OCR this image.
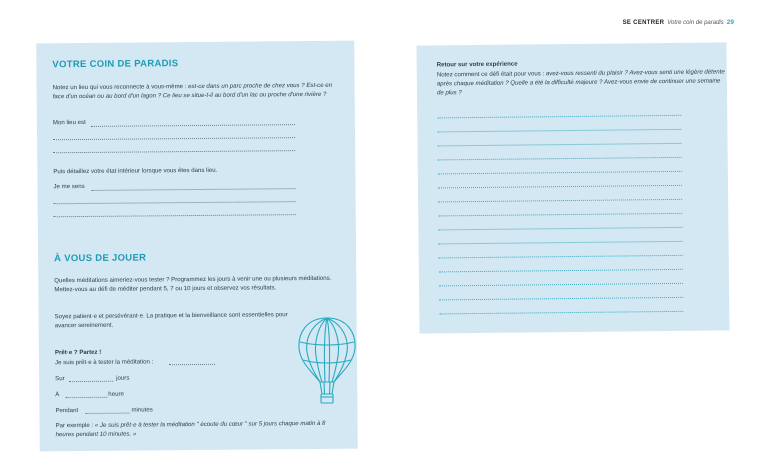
SE CENTRER Votre coin de paradis 29
VOTRE COIN DE PARADIS
Notez un lieu qui vous reconnecte à vous-même : est-ce dans un parc proche de chez vous ? Est-ce en face d'un océan ou au bord d'un lagon ? Ce lieu se situe-t-il au bord d'un lac ou proche d'une rivière ?
Mon lieu est
Puis détaillez votre état intérieur lorsque vous êtes dans lieu.
Je me sens
À VOUS DE JOUER
Quelles méditations aimeriez-vous tester ? Programmez les jours à venir une ou plusieurs méditations. Mettez-vous au défi de méditer pendant 5, 7 ou 10 jours et observez vos résultats.
Soyez patient·e et persévérant·e. La pratique et la bienveillance sont essentielles pour avancer sereinement.
Prêt·e ? Partez !
Je suis prêt·e à tester la méditation :
Sur	jours
À	heure
Pendant	minutes
Par exemple : « Je suis prêt·e à tester la méditation " écoute du cœur " sur 5 jours chaque matin à 8 heures pendant 10 minutes. »
Retour sur votre expérience
Notez comment ce défi était pour vous : avez-vous ressenti du plaisir ? Avez-vous senti une légère détente après chaque méditation ? Quelle a été la difficulté majeure ? Avez-vous envie de continuer une semaine de plus ?
